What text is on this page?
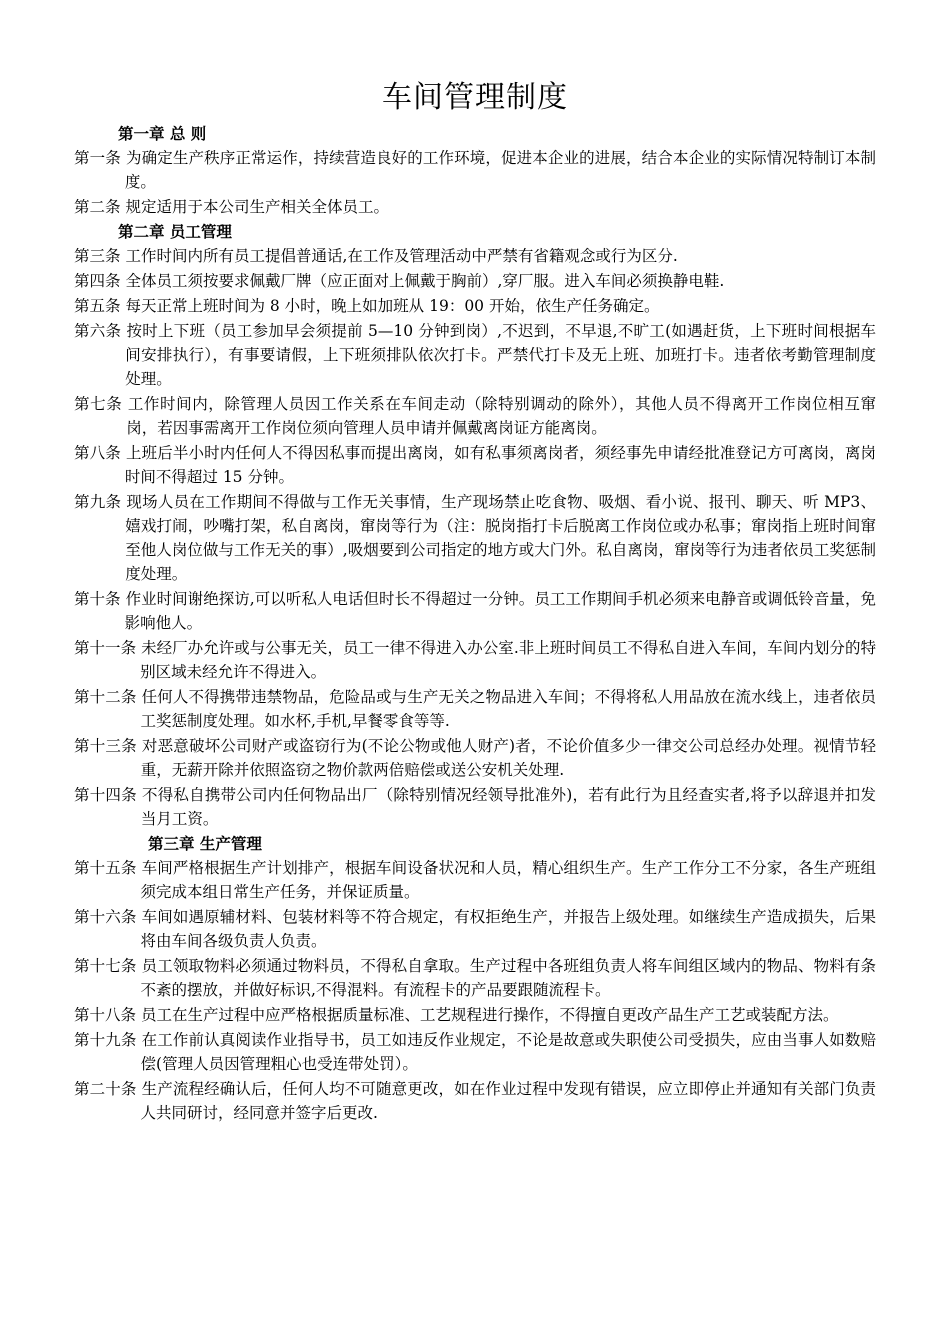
车间管理制度
第一章 总 则
第一条 为确定生产秩序正常运作，持续营造良好的工作环境，促进本企业的进展，结合本企业的实际情况特制订本制度。
第二条 规定适用于本公司生产相关全体员工。
第二章 员工管理
第三条 工作时间内所有员工提倡普通话,在工作及管理活动中严禁有省籍观念或行为区分.
第四条 全体员工须按要求佩戴厂牌（应正面对上佩戴于胸前）,穿厂服。进入车间必须换静电鞋.
第五条 每天正常上班时间为 8 小时，晚上如加班从 19：00 开始，依生产任务确定。
第六条 按时上下班（员工参加早会须提前 5—10 分钟到岗）,不迟到，不早退,不旷工(如遇赶货，上下班时间根据车间安排执行），有事要请假，上下班须排队依次打卡。严禁代打卡及无上班、加班打卡。违者依考勤管理制度处理。
第七条 工作时间内，除管理人员因工作关系在车间走动（除特别调动的除外），其他人员不得离开工作岗位相互窜岗，若因事需离开工作岗位须向管理人员申请并佩戴离岗证方能离岗。
第八条 上班后半小时内任何人不得因私事而提出离岗，如有私事须离岗者，须经事先申请经批准登记方可离岗，离岗时间不得超过 15 分钟。
第九条 现场人员在工作期间不得做与工作无关事情，生产现场禁止吃食物、吸烟、看小说、报刊、聊天、听 MP3、嬉戏打闹，吵嘴打架，私自离岗，窜岗等行为（注：脱岗指打卡后脱离工作岗位或办私事；窜岗指上班时间窜至他人岗位做与工作无关的事）,吸烟要到公司指定的地方或大门外。私自离岗，窜岗等行为违者依员工奖惩制度处理。
第十条 作业时间谢绝探访,可以听私人电话但时长不得超过一分钟。员工工作期间手机必须来电静音或调低铃音量，免影响他人。
第十一条 未经厂办允许或与公事无关，员工一律不得进入办公室.非上班时间员工不得私自进入车间，车间内划分的特别区域未经允许不得进入。
第十二条 任何人不得携带违禁物品，危险品或与生产无关之物品进入车间；不得将私人用品放在流水线上，违者依员工奖惩制度处理。如水杯,手机,早餐零食等等.
第十三条 对恶意破坏公司财产或盗窃行为(不论公物或他人财产)者，不论价值多少一律交公司总经办处理。视情节轻重，无薪开除并依照盗窃之物价款两倍赔偿或送公安机关处理.
第十四条 不得私自携带公司内任何物品出厂（除特别情况经领导批准外)，若有此行为且经查实者,将予以辞退并扣发当月工资。
第三章 生产管理
第十五条 车间严格根据生产计划排产，根据车间设备状况和人员，精心组织生产。生产工作分工不分家，各生产班组须完成本组日常生产任务，并保证质量。
第十六条 车间如遇原辅材料、包装材料等不符合规定，有权拒绝生产，并报告上级处理。如继续生产造成损失，后果将由车间各级负责人负责。
第十七条 员工领取物料必须通过物料员，不得私自拿取。生产过程中各班组负责人将车间组区域内的物品、物料有条不紊的摆放，并做好标识,不得混料。有流程卡的产品要跟随流程卡。
第十八条 员工在生产过程中应严格根据质量标准、工艺规程进行操作，不得擅自更改产品生产工艺或装配方法。
第十九条 在工作前认真阅读作业指导书，员工如违反作业规定，不论是故意或失职使公司受损失，应由当事人如数赔偿(管理人员因管理粗心也受连带处罚）。
第二十条 生产流程经确认后，任何人均不可随意更改，如在作业过程中发现有错误，应立即停止并通知有关部门负责人共同研讨，经同意并签字后更改.
